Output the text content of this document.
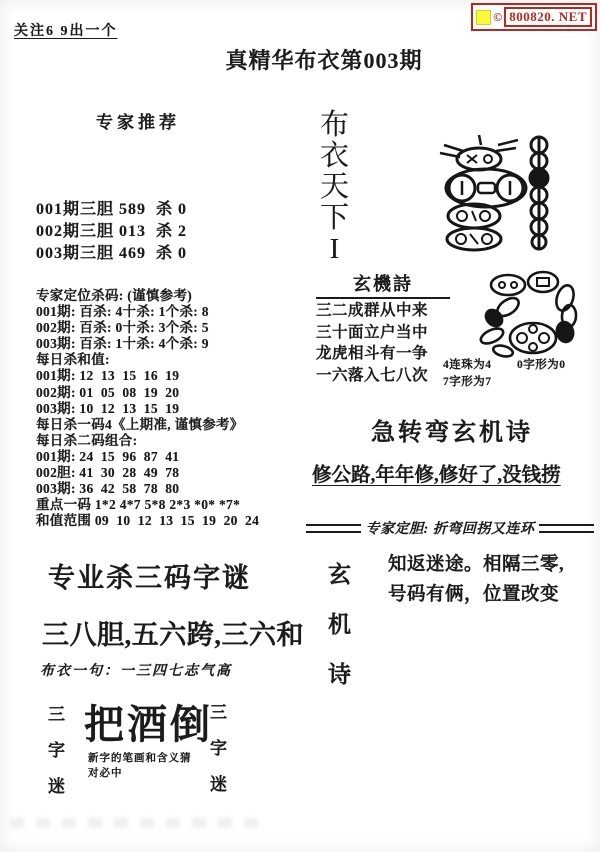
关注6 9出一个
© 800820. NET
真精华布衣第003期
专家推荐
001期三胆 589  杀 0
002期三胆 013  杀 2
003期三胆 469  杀 0
专家定位杀码: (谨慎参考)
001期: 百杀: 4十杀: 1个杀: 8
002期: 百杀: 0十杀: 3个杀: 5
003期: 百杀: 1十杀: 4个杀: 9
每日杀和值:
001期: 12  13  15  16  19
002期: 01  05  08  19  20
003期: 10  12  13  15  19
每日杀一码4《上期准, 谨慎参考》
每日杀二码组合:
001期: 24  15  96  87  41
002胆: 41  30  28  49  78
003期: 36  42  58  78  80
重点一码 1*2 4*7 5*8 2*3 *0* *7*
和值范围 09  10  12  13  15  19  20  24
专业杀三码字谜
三八胆,五六跨,三六和
布衣一句：一三四七志气高
三
字
迷
把酒倒
新字的笔画和含义猜
对必中
三
字
迷
布
衣
天
下
I
玄機詩
三二成群从中来
三十面立户当中
龙虎相斗有一争
一六落入七八次
4连珠为4 0字形为0
7字形为7
急转弯玄机诗
修公路,年年修,修好了,没钱捞
专家定胆: 折弯回拐又连环
玄
机
诗
知返迷途。相隔三零,
号码有俩，位置改变
